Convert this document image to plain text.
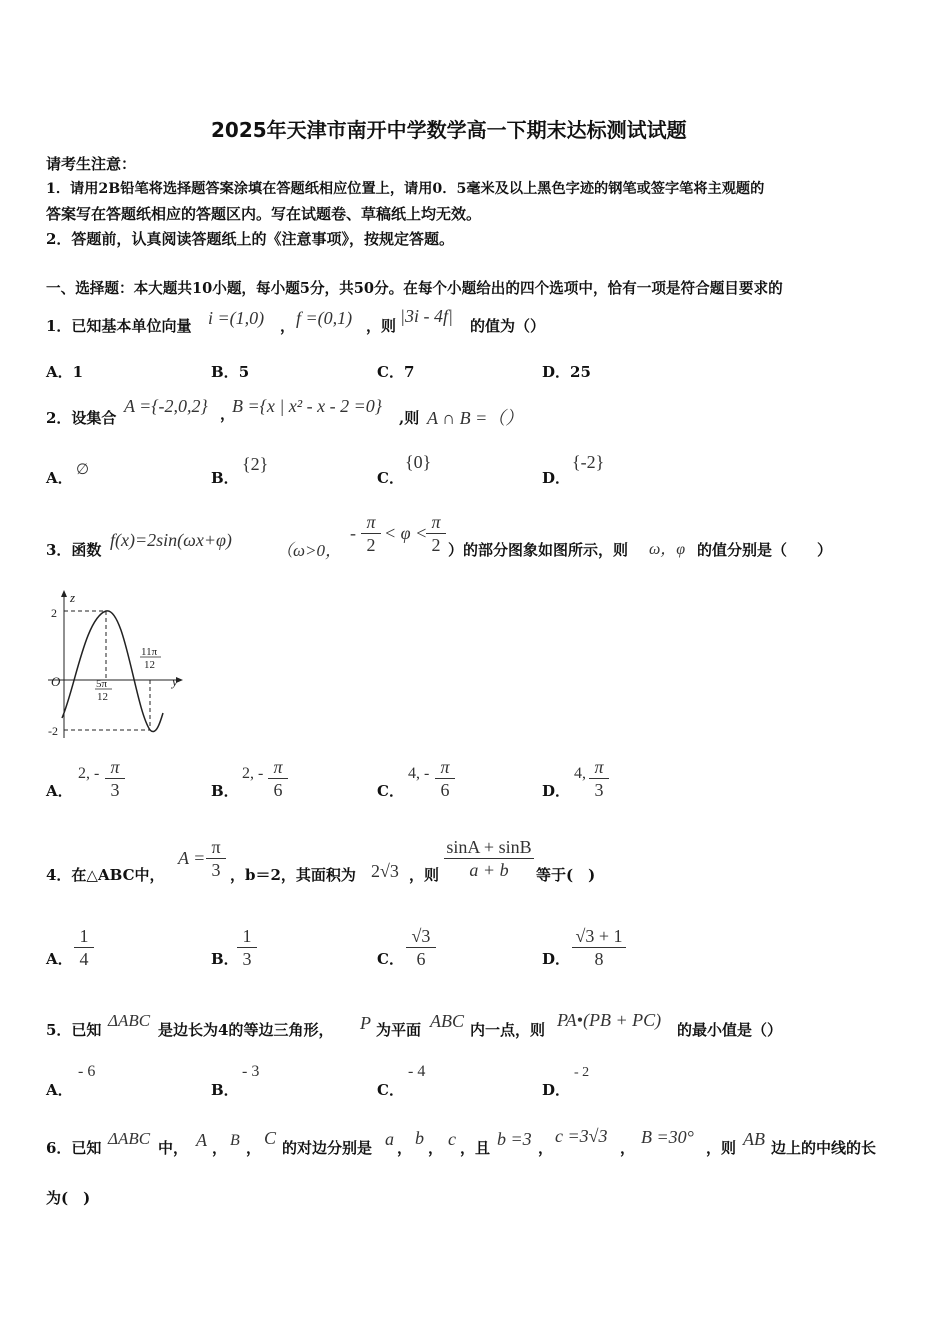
2025年天津市南开中学数学高一下期末达标测试试题
请考生注意：
1．请用2B铅笔将选择题答案涂填在答题纸相应位置上，请用0．5毫米及以上黑色字迹的钢笔或签字笔将主观题的
答案写在答题纸相应的答题区内。写在试题卷、草稿纸上均无效。
2．答题前，认真阅读答题纸上的《注意事项》，按规定答题。
一、选择题：本大题共10小题，每小题5分，共50分。在每个小题给出的四个选项中，恰有一项是符合题目要求的
1．已知基本单位向量 i =(1,0) ， f =(0,1) ，则 |3i - 4f| 的值为（）
A．1	B．5	C．7	D．25
2．设集合
A ={-2,0,2} ，
B ={x | x² - x - 2 =0}
,则 A ∩ B =（）
A． ∅	B．
{2}
C．
{0}
D．
{-2}
3．函数 f(x)=2sin(ωx+φ)
（ω>0，
-
π
2
< φ <
π
2 ）的部分图象如图所示，则 ω，φ 的值分别是（　　）
z
y
O
2
-2
5π
12
11π
12
A．
2, - π
3	B．
2, - π
6	C．
4, - π
6	D．
4, π
3
4．在△ABC中，
A =
π
3 ，b＝2，其面积为 2√3 ，则
sinA + sinB
a + b	等于(　)
A．
1
4	B．
1
3	C．
√3
6	D．
√3 + 1
8
5．已知 ΔABC 是边长为4的等边三角形， P 为平面 ABC 内一点，则 PA•(PB + PC) 的最小值是（）
A．
- 6
B．
- 3
C．
- 4
D．
- 2
6．已知 ΔABC 中， A ， B ， C 的对边分别是 a ， b ， c ，且 b =3 ，
c =3√3
，
B =30°
，则 AB 边上的中线的长
为(　)
